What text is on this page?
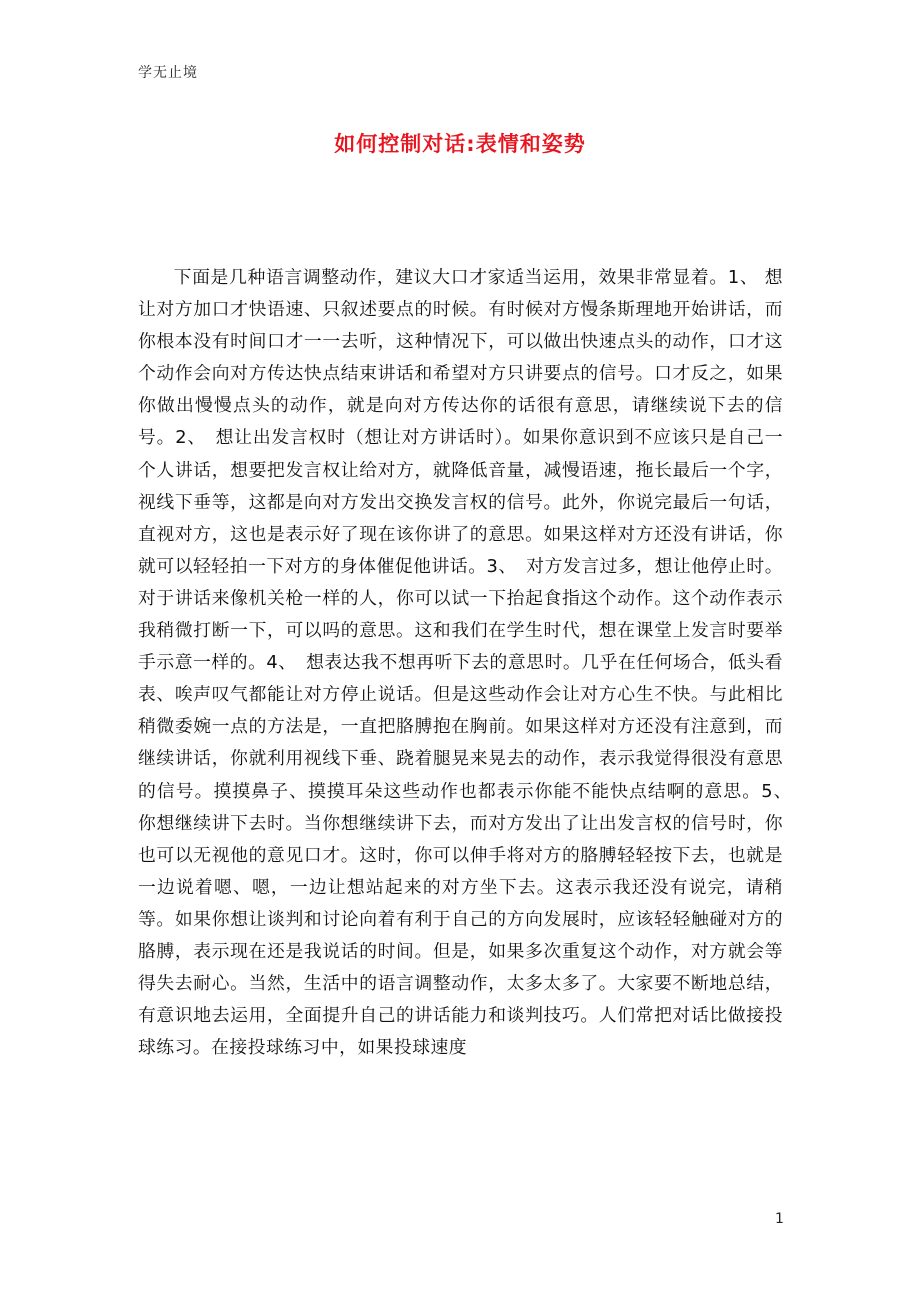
学无止境
如何控制对话:表情和姿势

下面是几种语言调整动作，建议大口才家适当运用，效果非常显着。1、 想让对方加口才快语速、只叙述要点的时候。有时候对方慢条斯理地开始讲话，而你根本没有时间口才一一去听，这种情况下，可以做出快速点头的动作，口才这个动作会向对方传达快点结束讲话和希望对方只讲要点的信号。口才反之，如果你做出慢慢点头的动作，就是向对方传达你的话很有意思，请继续说下去的信号。2、　想让出发言权时（想让对方讲话时）。如果你意识到不应该只是自己一个人讲话，想要把发言权让给对方，就降低音量，减慢语速，拖长最后一个字，视线下垂等，这都是向对方发出交换发言权的信号。此外，你说完最后一句话，直视对方，这也是表示好了现在该你讲了的意思。如果这样对方还没有讲话，你就可以轻轻拍一下对方的身体催促他讲话。3、　对方发言过多，想让他停止时。对于讲话来像机关枪一样的人，你可以试一下抬起食指这个动作。这个动作表示我稍微打断一下，可以吗的意思。这和我们在学生时代，想在课堂上发言时要举手示意一样的。4、　想表达我不想再听下去的意思时。几乎在任何场合，低头看表、唉声叹气都能让对方停止说话。但是这些动作会让对方心生不快。与此相比稍微委婉一点的方法是，一直把胳膊抱在胸前。如果这样对方还没有注意到，而继续讲话，你就利用视线下垂、跷着腿晃来晃去的动作，表示我觉得很没有意思的信号。摸摸鼻子、摸摸耳朵这些动作也都表示你能不能快点结啊的意思。5、　你想继续讲下去时。当你想继续讲下去，而对方发出了让出发言权的信号时，你也可以无视他的意见口才。这时，你可以伸手将对方的胳膊轻轻按下去，也就是一边说着嗯、嗯，一边让想站起来的对方坐下去。这表示我还没有说完，请稍等。如果你想让谈判和讨论向着有利于自己的方向发展时，应该轻轻触碰对方的胳膊，表示现在还是我说话的时间。但是，如果多次重复这个动作，对方就会等得失去耐心。当然，生活中的语言调整动作，太多太多了。大家要不断地总结，有意识地去运用，全面提升自己的讲话能力和谈判技巧。人们常把对话比做接投球练习。在接投球练习中，如果投球速度

1
